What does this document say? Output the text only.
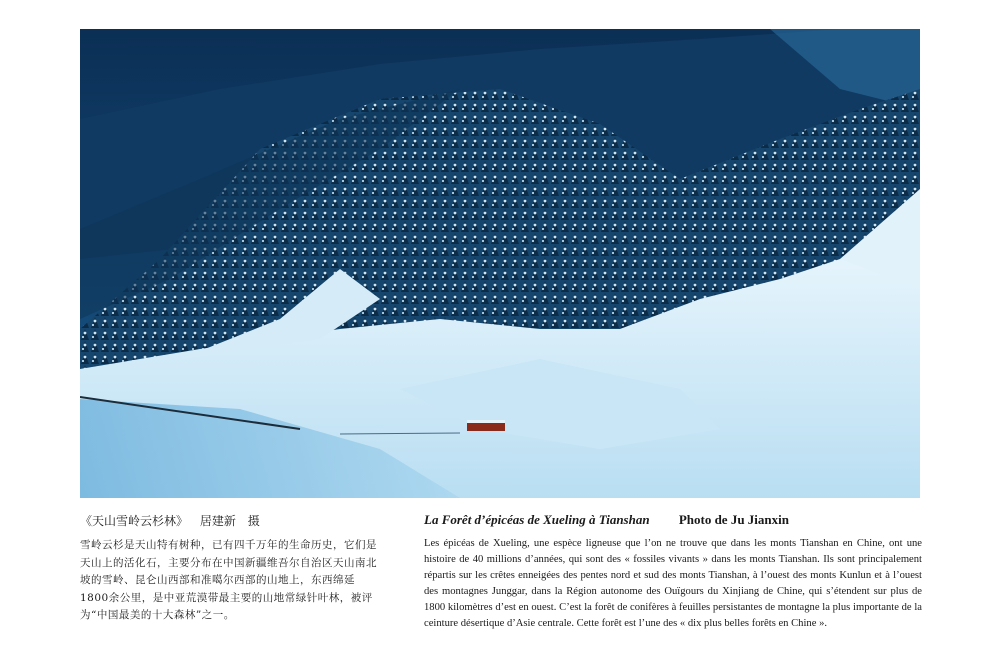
《天山雪岭云杉林》 居建新 摄
雪岭云杉是天山特有树种，已有四千万年的生命历史，它们是天山上的活化石，主要分布在中国新疆维吾尔自治区天山南北坡的雪岭、昆仑山西部和准噶尔西部的山地上，东西绵延1800余公里，是中亚荒漠带最主要的山地常绿针叶林，被评为“中国最美的十大森林”之一。
La Forêt d’épicéas de Xueling à Tianshan Photo de Ju Jianxin
Les épicéas de Xueling, une espèce ligneuse que l’on ne trouve que dans les monts Tianshan en Chine, ont une histoire de 40 millions d’années, qui sont des « fossiles vivants » dans les monts Tianshan. Ils sont principalement répartis sur les crêtes enneigées des pentes nord et sud des monts Tianshan, à l’ouest des monts Kunlun et à l’ouest des montagnes Junggar, dans la Région autonome des Ouïgours du Xinjiang de Chine, qui s’étendent sur plus de 1800 kilomètres d’est en ouest. C’est la forêt de conifères à feuilles persistantes de montagne la plus importante de la ceinture désertique d’Asie centrale. Cette forêt est l’une des « dix plus belles forêts en Chine ».
